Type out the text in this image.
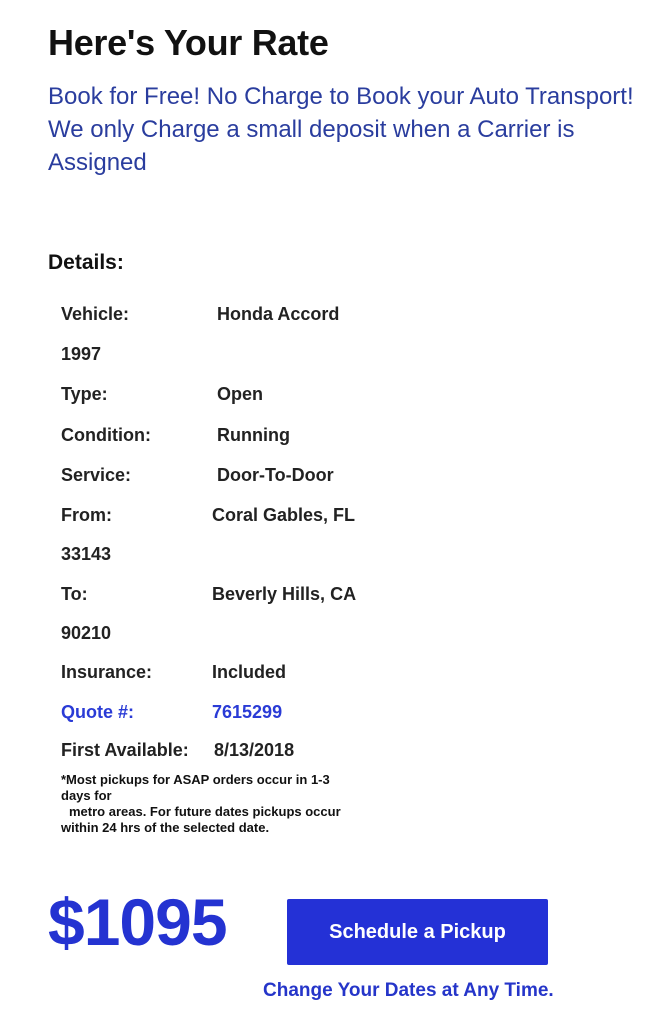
Here's Your Rate
Book for Free! No Charge to Book your Auto Transport!
We only Charge a small deposit when a Carrier is Assigned
Details:
Vehicle:	Honda Accord
1997
Type:	Open
Condition:	Running
Service:	Door-To-Door
From:	Coral Gables, FL
33143
To:	Beverly Hills, CA
90210
Insurance:	Included
Quote #:	7615299
First Available: 8/13/2018
*Most pickups for ASAP orders occur in 1-3
days for
metro areas. For future dates pickups occur
within 24 hrs of the selected date.
$1095	Schedule a Pickup
Change Your Dates at Any Time.
